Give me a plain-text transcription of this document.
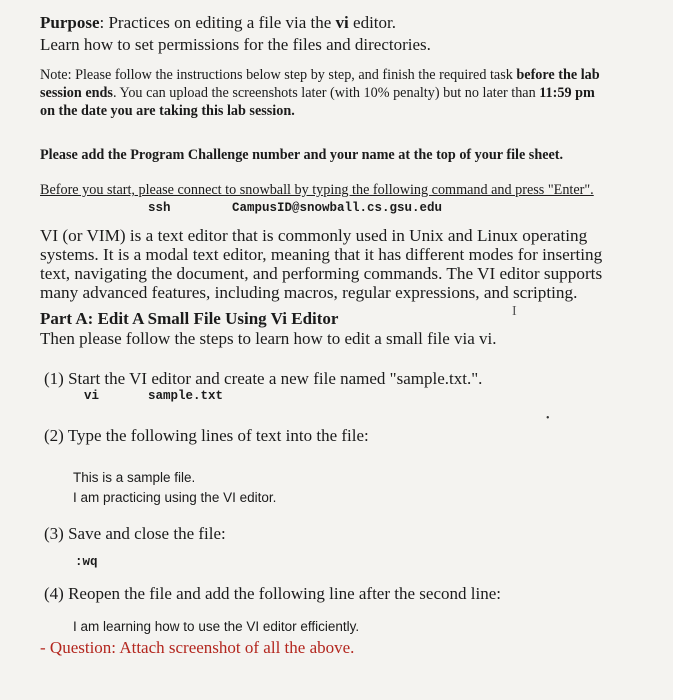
Purpose: Practices on editing a file via the vi editor.
Learn how to set permissions for the files and directories.
Note: Please follow the instructions below step by step, and finish the required task before the lab
session ends. You can upload the screenshots later (with 10% penalty) but no later than 11:59 pm
on the date you are taking this lab session.
Please add the Program Challenge number and your name at the top of your file sheet.
Before you start, please connect to snowball by typing the following command and press "Enter".
ssh	CampusID@snowball.cs.gsu.edu
VI (or VIM) is a text editor that is commonly used in Unix and Linux operating
systems. It is a modal text editor, meaning that it has different modes for inserting
text, navigating the document, and performing commands. The VI editor supports
many advanced features, including macros, regular expressions, and scripting.
I
Part A: Edit A Small File Using Vi Editor
Then please follow the steps to learn how to edit a small file via vi.
(1) Start the VI editor and create a new file named "sample.txt.".
vi	sample.txt
•
(2) Type the following lines of text into the file:
This is a sample file.
I am practicing using the VI editor.
(3) Save and close the file:
:wq
(4) Reopen the file and add the following line after the second line:
I am learning how to use the VI editor efficiently.
- Question: Attach screenshot of all the above.
